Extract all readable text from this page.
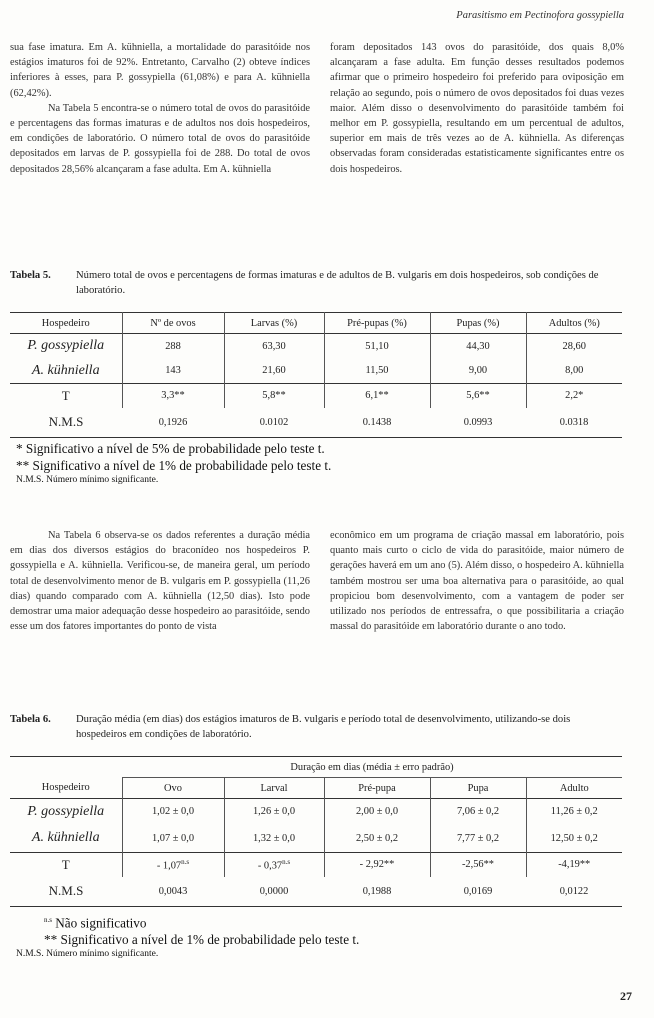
Parasitismo em Pectinofora gossypiella

sua fase imatura. Em A. kühniella, a mortalidade do parasitóide nos estágios imaturos foi de 92%. Entretanto, Carvalho (2) obteve índices inferiores à esses, para P. gossypiella (61,08%) e para A. kühniella (62,42%).

Na Tabela 5 encontra-se o número total de ovos do parasitóide e percentagens das formas imaturas e de adultos nos dois hospedeiros, em condições de laboratório. O número total de ovos do parasitóide depositados em larvas de P. gossypiella foi de 288. Do total de ovos depositados 28,56% alcançaram a fase adulta. Em A. kühniella

foram depositados 143 ovos do parasitóide, dos quais 8,0% alcançaram a fase adulta. Em função desses resultados podemos afirmar que o primeiro hospedeiro foi preferido para oviposição em relação ao segundo, pois o número de ovos depositados foi duas vezes maior. Além disso o desenvolvimento do parasitóide também foi melhor em P. gossypiella, resultando em um percentual de adultos, superior em mais de três vezes ao de A. kühniella. As diferenças observadas foram consideradas estatisticamente significantes entre os dois hospedeiros.

Tabela 5. Número total de ovos e percentagens de formas imaturas e de adultos de B. vulgaris em dois hospedeiros, sob condições de laboratório.
Hospedeiro	Nº de ovos	Larvas (%)	Pré-pupas (%)	Pupas (%)	Adultos (%)
P. gossypiella	288	63,30	51,10	44,30	28,60
A. kühniella	143	21,60	11,50	9,00	8,00
T	3,3**	5,8**	6,1**	5,6**	2,2*
N.M.S	0,1926	0.0102	0.1438	0.0993	0.0318
* Significativo a nível de 5% de probabilidade pelo teste t.
** Significativo a nível de 1% de probabilidade pelo teste t.
N.M.S. Número mínimo significante.

Na Tabela 6 observa-se os dados referentes a duração média em dias dos diversos estágios do braconídeo nos hospedeiros P. gossypiella e A. kühniella. Verificou-se, de maneira geral, um período total de desenvolvimento menor de B. vulgaris em P. gossypiella (11,26 dias) quando comparado com A. kühniella (12,50 dias). Isto pode demostrar uma maior adequação desse hospedeiro ao parasitóide, sendo esse um dos fatores importantes do ponto de vista

econômico em um programa de criação massal em laboratório, pois quanto mais curto o ciclo de vida do parasitóide, maior número de gerações haverá em um ano (5). Além disso, o hospedeiro A. kühniella também mostrou ser uma boa alternativa para o parasitóide, ao qual propiciou bom desenvolvimento, com a vantagem de poder ser utilizado nos períodos de entressafra, o que possibilitaria a criação massal do parasitóide em laboratório durante o ano todo.

Tabela 6. Duração média (em dias) dos estágios imaturos de B. vulgaris e período total de desenvolvimento, utilizando-se dois hospedeiros em condições de laboratório.
	Duração em dias (média ± erro padrão)				
Hospedeiro	Ovo	Larval	Pré-pupa	Pupa	Adulto
P. gossypiella	1,02 ± 0,0	1,26 ± 0,0	2,00 ± 0,0	7,06 ± 0,2	11,26 ± 0,2
A. kühniella	1,07 ± 0,0	1,32 ± 0,0	2,50 ± 0,2	7,77 ± 0,2	12,50 ± 0,2
T	- $1,07^{n.s}$	- $0,37^{n.s}$	- 2,92**	-2,56**	-4,19**
N.M.S	0,0043	0,0000	0,1988	0,0169	0,0122
$^{n.s}$ Não significativo
** Significativo a nível de 1% de probabilidade pelo teste t.
N.M.S. Número mínimo significante.
27
